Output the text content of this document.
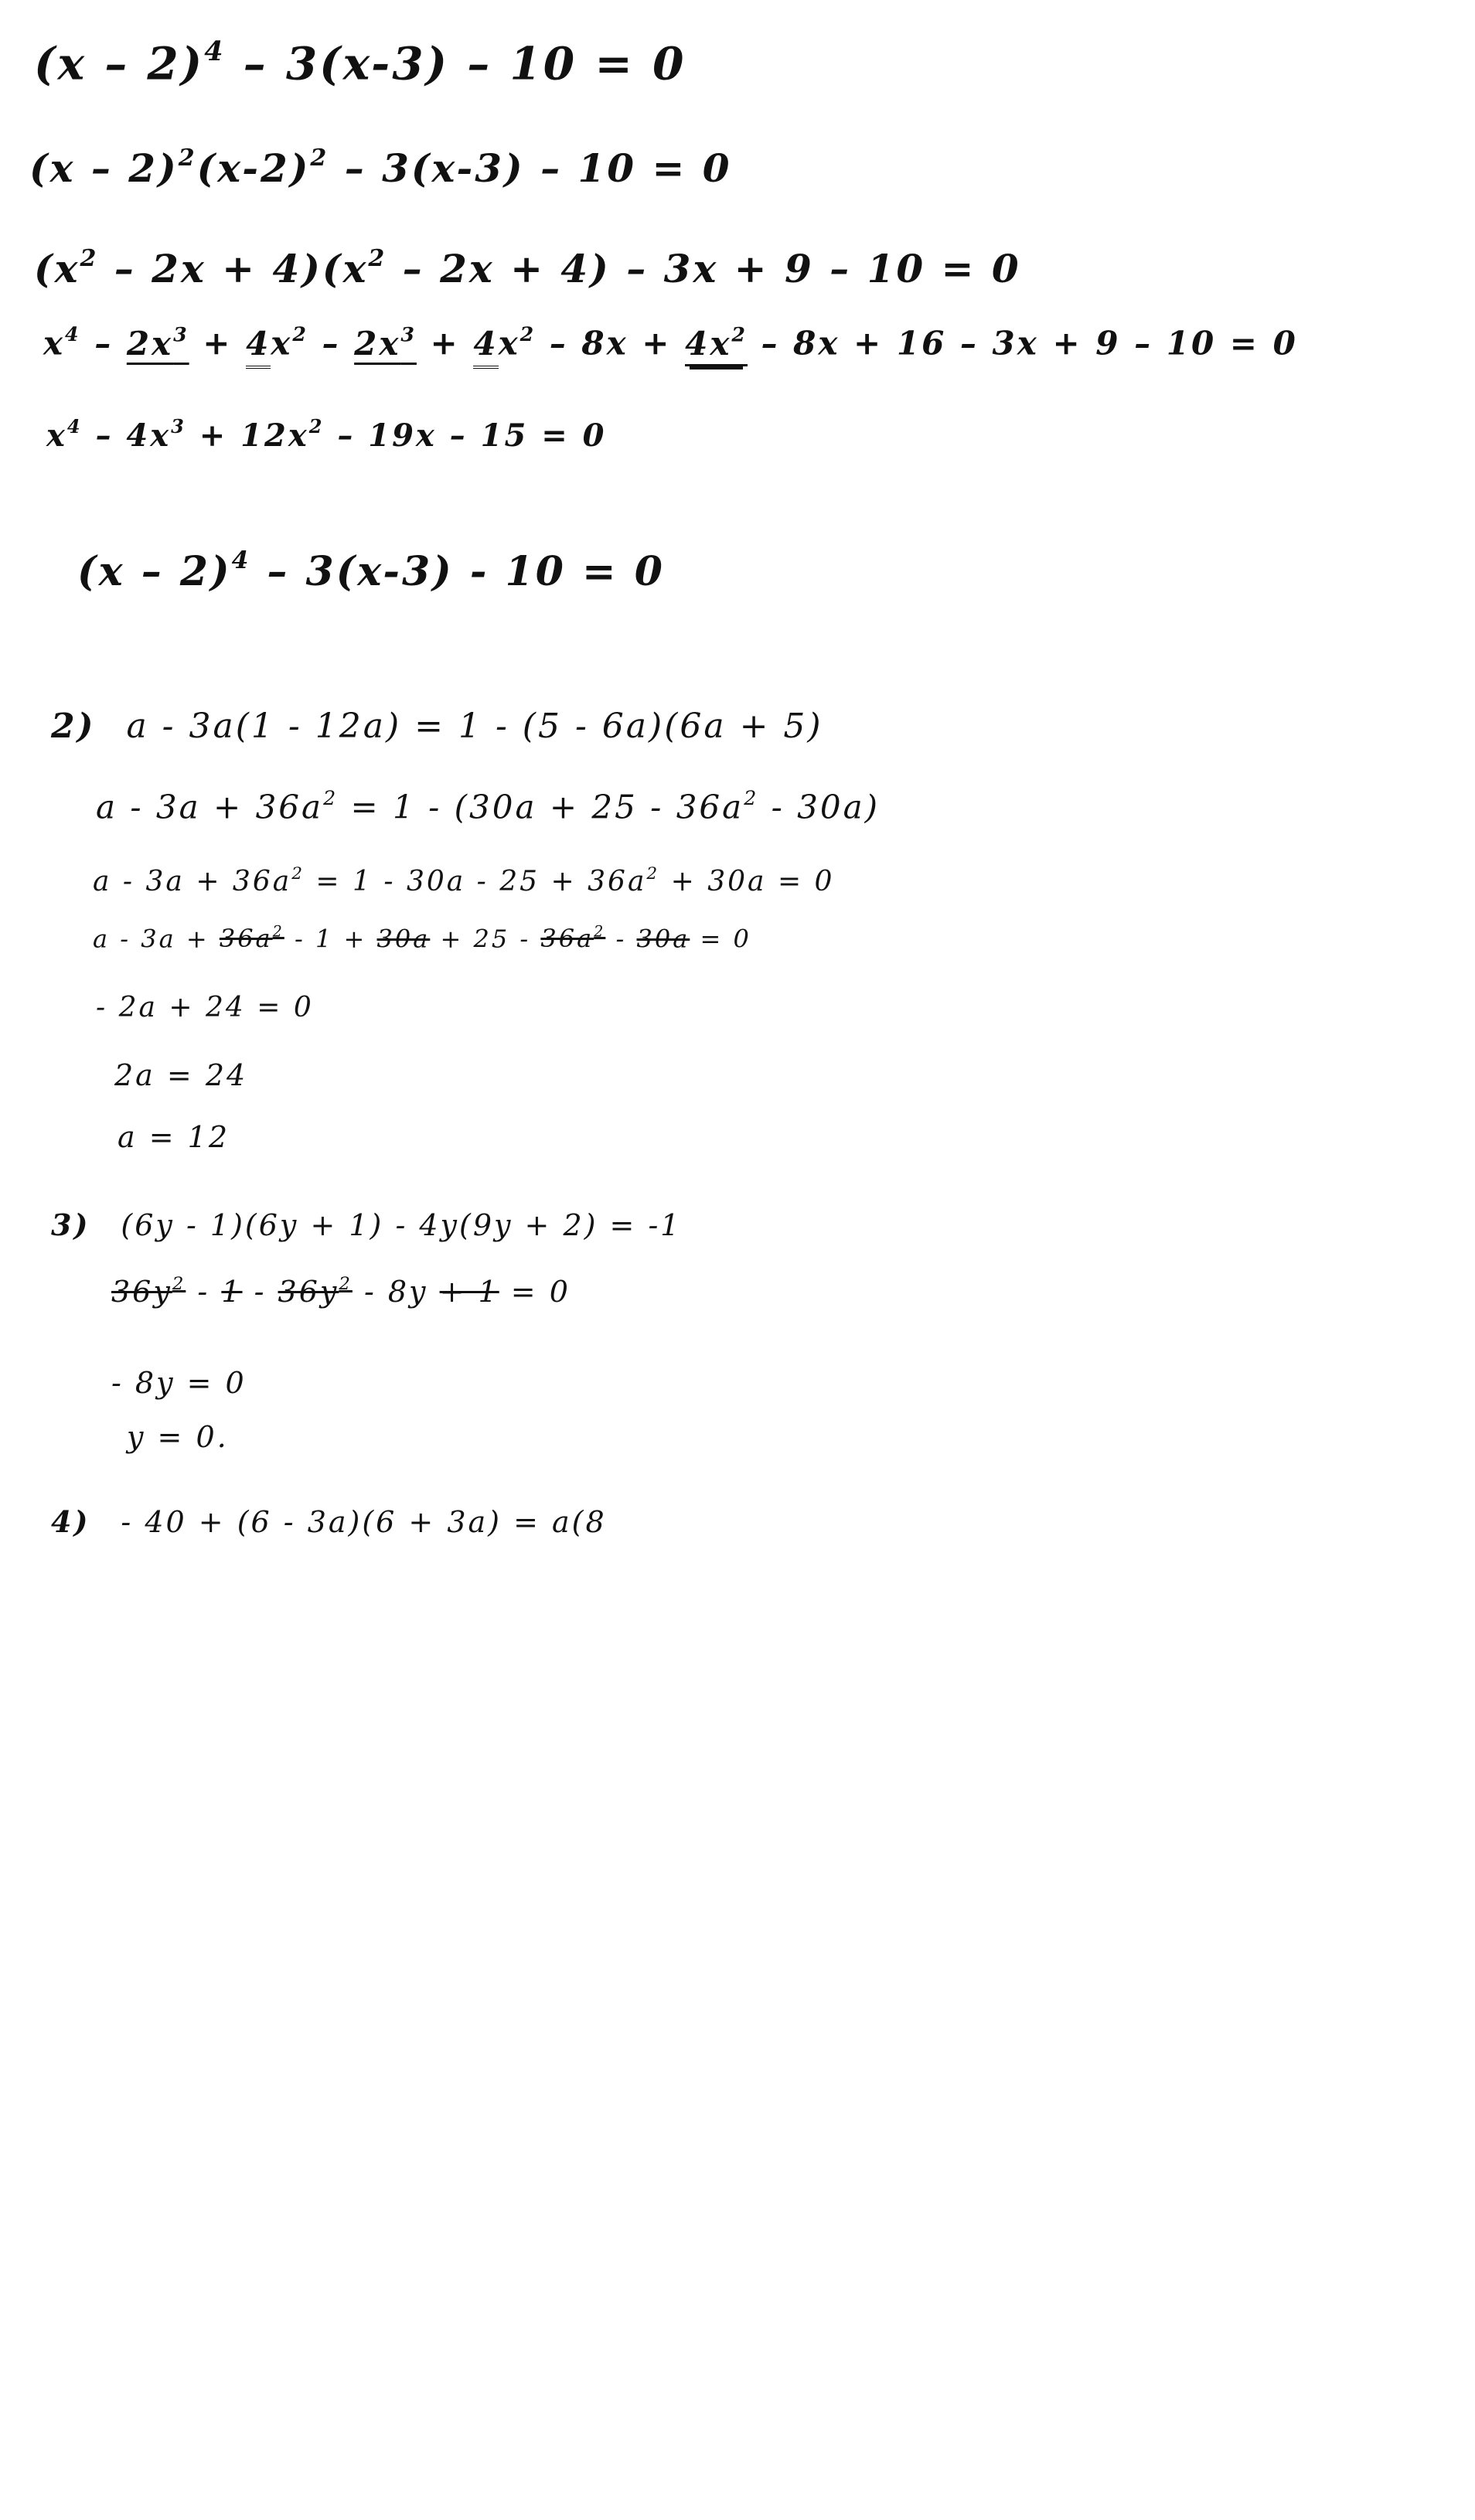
(x – 2)$^4$ – 3(x-3) – 10 = 0
$(x - 2)^2(x-2)^2 - 3(x-3) - 10 = 0$
$(x^2 - 2x + 4)(x^2 - 2x + 4) - 3x + 9 - 10 = 0$
$x^4 - 2x^3 + 4x^2 - 2x^3 + 4x^2 - 8x + 4x^2 - 8x + 16 - 3x + 9 - 10 = 0$
$x^4 - 4x^3 + 12x^2 - 19x - 15 = 0$
(x – 2)$^4$ – 3(x-3) - 10 = 0
2) a - 3a(1 - 12a) = 1 - (5 - 6a)(6a + 5)
$a - 3a + 36a^2 = 1 - (30a + 25 - 36a^2 - 30a)$
$a - 3a + 36a^2 = 1 - 30a - 25 + 36a^2 + 30a = 0$
$a - 3a + 36a^2 - 1 + 30a + 25 - 36a^2 - 30a = 0$
- 2a + 24 = 0
2a = 24
a = 12
3) (6y - 1)(6y + 1) - 4y(9y + 2) = -1
$36y^2 - 1 - 36y^2 - 8y + 1 = 0$
- 8y = 0
y = 0.
4) - 40 + (6 - 3a)(6 + 3a) = a(8
